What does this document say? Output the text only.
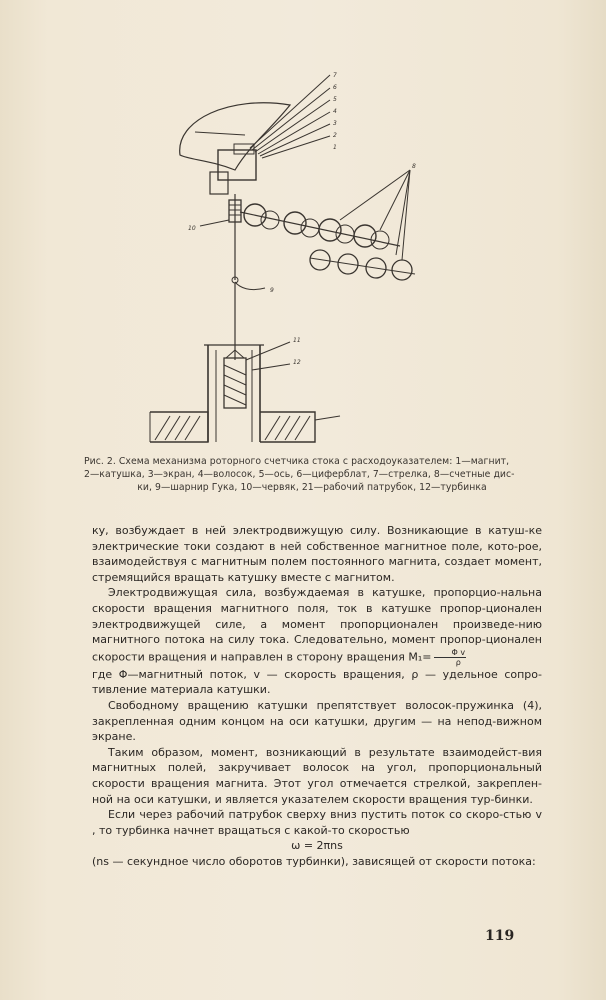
7
6
5
4
3
2
1
8
9
10
11
12
Рис. 2. Схема механизма роторного счетчика стока с расходоуказателем: 1—магнит,
2—катушка, 3—экран, 4—волосок, 5—ось, 6—циферблат, 7—стрелка, 8—счетные дис-
ки, 9—шарнир Гука, 10—червяк, 21—рабочий патрубок, 12—турбинка

ку, возбуждает в ней электродвижущую силу. Возникающие в катуш-ке электрические токи создают в ней собственное магнитное поле, кото-рое, взаимодействуя с магнитным полем постоянного магнита, создает момент, стремящийся вращать катушку вместе с магнитом.

Электродвижущая сила, возбуждаемая в катушке, пропорцио-нальна скорости вращения магнитного поля, ток в катушке пропор-ционален электродвижущей силе, а момент пропорционален произведе-нию магнитного потока на силу тока. Следовательно, момент пропор-ционален скорости вращения и направлен в сторону вращения $M_1= \frac{\text{Φ v}}{\rho}$

где Φ—магнитный поток, v — скорость вращения, ρ — удельное сопро-тивление материала катушки.

Свободному вращению катушки препятствует волосок-пружинка (4), закрепленная одним концом на оси катушки, другим — на непод-вижном экране.

Таким образом, момент, возникающий в результате взаимодейст-вия магнитных полей, закручивает волосок на угол, пропорциональный скорости вращения магнита. Этот угол отмечается стрелкой, закреплен-ной на оси катушки, и является указателем скорости вращения тур-бинки.

Если через рабочий патрубок сверху вниз пустить поток со скоро-стью v , то турбинка начнет вращаться с какой-то скоростью

ω = 2πns

(ns — секундное число оборотов турбинки), зависящей от скорости потока:

119
